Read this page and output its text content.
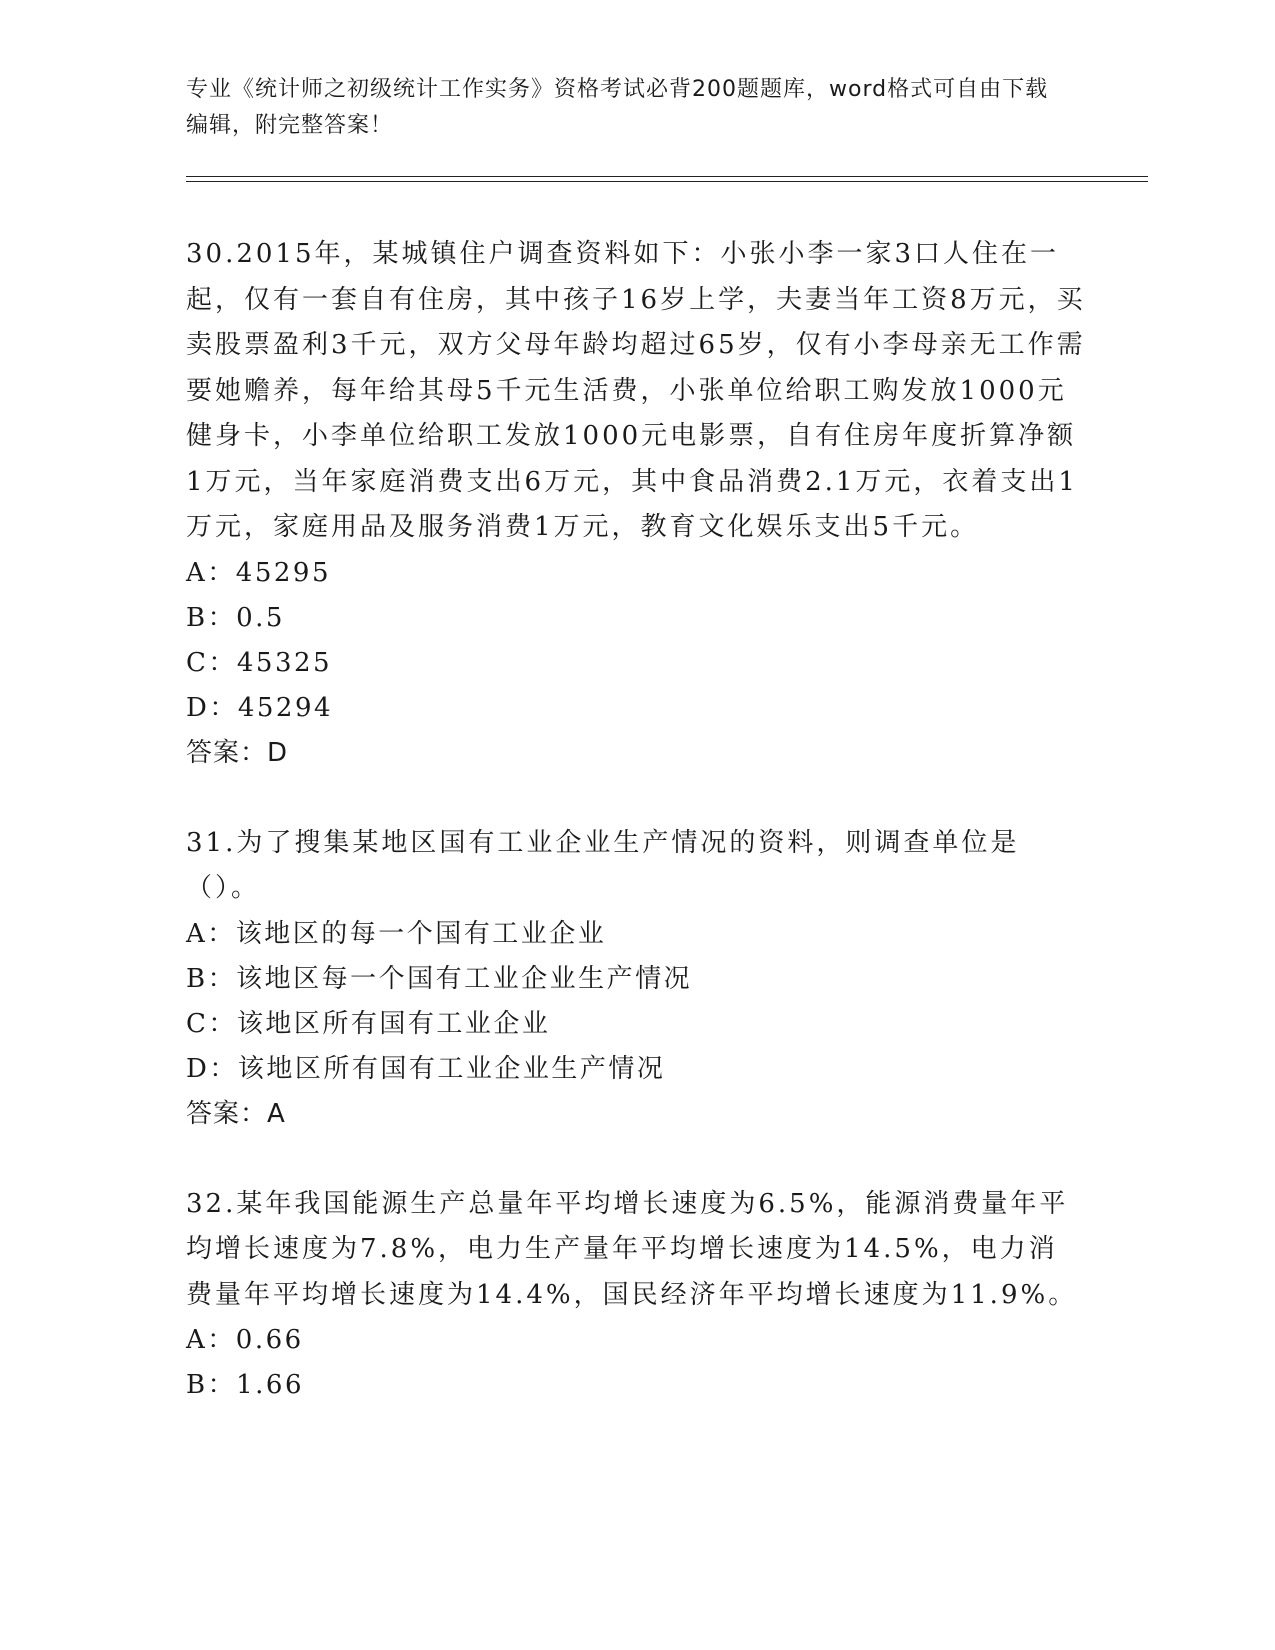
专业《统计师之初级统计工作实务》资格考试必背200题题库，word格式可自由下载编辑，附完整答案！

30.2015年，某城镇住户调查资料如下：小张小李一家3口人住在一起，仅有一套自有住房，其中孩子16岁上学，夫妻当年工资8万元，买卖股票盈利3千元，双方父母年龄均超过65岁，仅有小李母亲无工作需要她赡养，每年给其母5千元生活费，小张单位给职工购发放1000元健身卡，小李单位给职工发放1000元电影票，自有住房年度折算净额1万元，当年家庭消费支出6万元，其中食品消费2.1万元，衣着支出1万元，家庭用品及服务消费1万元，教育文化娱乐支出5千元。

A：45295

B：0.5

C：45325

D：45294

答案：D

31.为了搜集某地区国有工业企业生产情况的资料，则调查单位是（）。

A：该地区的每一个国有工业企业

B：该地区每一个国有工业企业生产情况

C：该地区所有国有工业企业

D：该地区所有国有工业企业生产情况

答案：A

32.某年我国能源生产总量年平均增长速度为6.5%，能源消费量年平均增长速度为7.8%，电力生产量年平均增长速度为14.5%，电力消费量年平均增长速度为14.4%，国民经济年平均增长速度为11.9%。

A：0.66

B：1.66
